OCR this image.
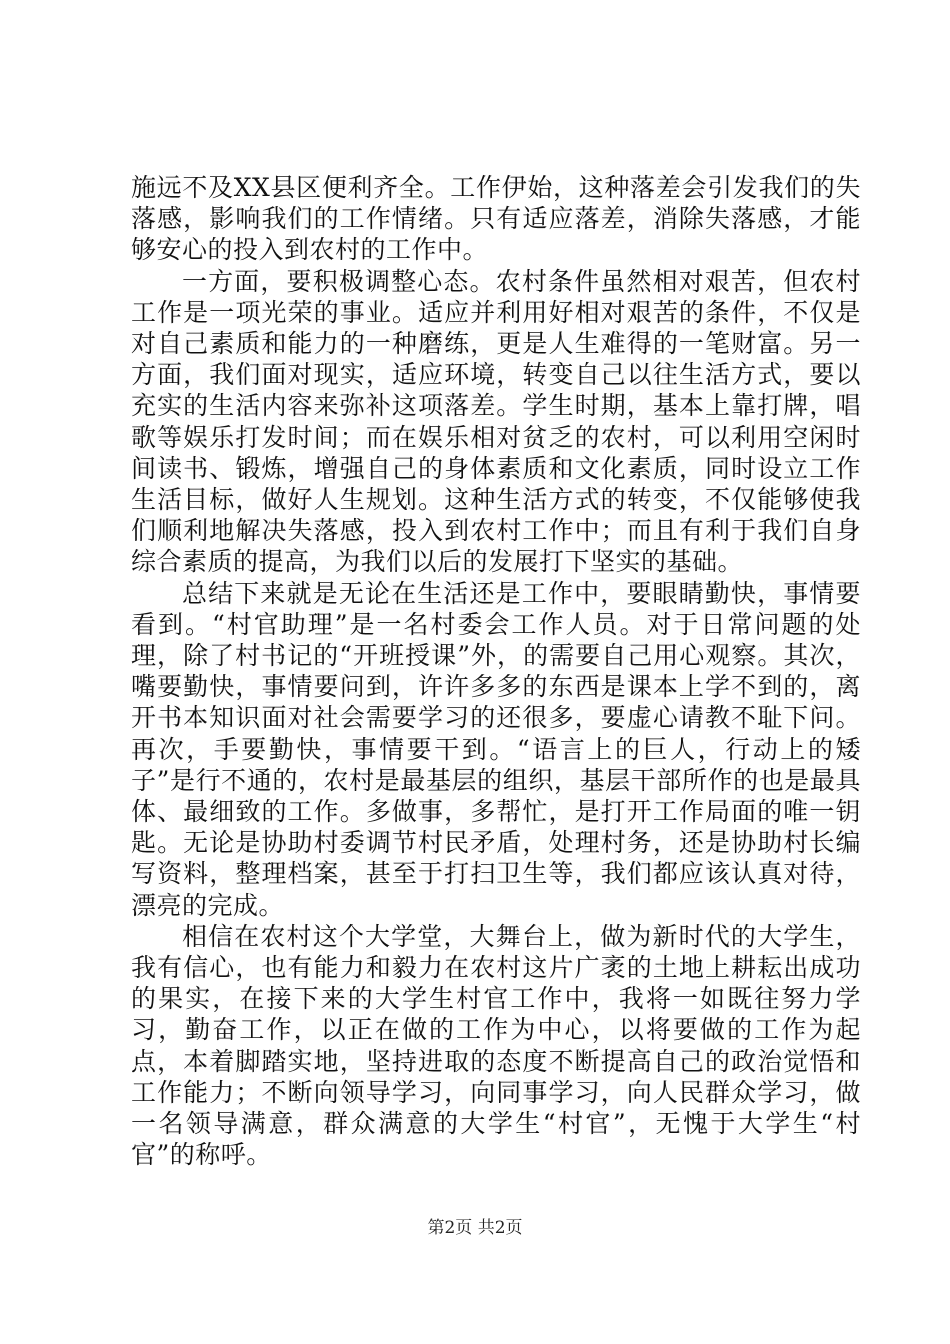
施远不及XX县区便利齐全。工作伊始，这种落差会引发我们的失落感，影响我们的工作情绪。只有适应落差，消除失落感，才能够安心的投入到农村的工作中。

一方面，要积极调整心态。农村条件虽然相对艰苦，但农村工作是一项光荣的事业。适应并利用好相对艰苦的条件，不仅是对自己素质和能力的一种磨练，更是人生难得的一笔财富。另一方面，我们面对现实，适应环境，转变自己以往生活方式，要以充实的生活内容来弥补这项落差。学生时期，基本上靠打牌，唱歌等娱乐打发时间；而在娱乐相对贫乏的农村，可以利用空闲时间读书、锻炼，增强自己的身体素质和文化素质，同时设立工作生活目标，做好人生规划。这种生活方式的转变，不仅能够使我们顺利地解决失落感，投入到农村工作中；而且有利于我们自身综合素质的提高，为我们以后的发展打下坚实的基础。

总结下来就是无论在生活还是工作中，要眼睛勤快，事情要看到。“村官助理”是一名村委会工作人员。对于日常问题的处理，除了村书记的“开班授课”外，的需要自己用心观察。其次，嘴要勤快，事情要问到，许许多多的东西是课本上学不到的，离开书本知识面对社会需要学习的还很多，要虚心请教不耻下问。再次，手要勤快，事情要干到。“语言上的巨人，行动上的矮子”是行不通的，农村是最基层的组织，基层干部所作的也是最具体、最细致的工作。多做事，多帮忙，是打开工作局面的唯一钥匙。无论是协助村委调节村民矛盾，处理村务，还是协助村长编写资料，整理档案，甚至于打扫卫生等，我们都应该认真对待，漂亮的完成。

相信在农村这个大学堂，大舞台上，做为新时代的大学生，我有信心，也有能力和毅力在农村这片广袤的土地上耕耘出成功的果实，在接下来的大学生村官工作中，我将一如既往努力学习，勤奋工作，以正在做的工作为中心，以将要做的工作为起点，本着脚踏实地，坚持进取的态度不断提高自己的政治觉悟和工作能力；不断向领导学习，向同事学习，向人民群众学习，做一名领导满意，群众满意的大学生“村官”，无愧于大学生“村官”的称呼。

第2页 共2页
